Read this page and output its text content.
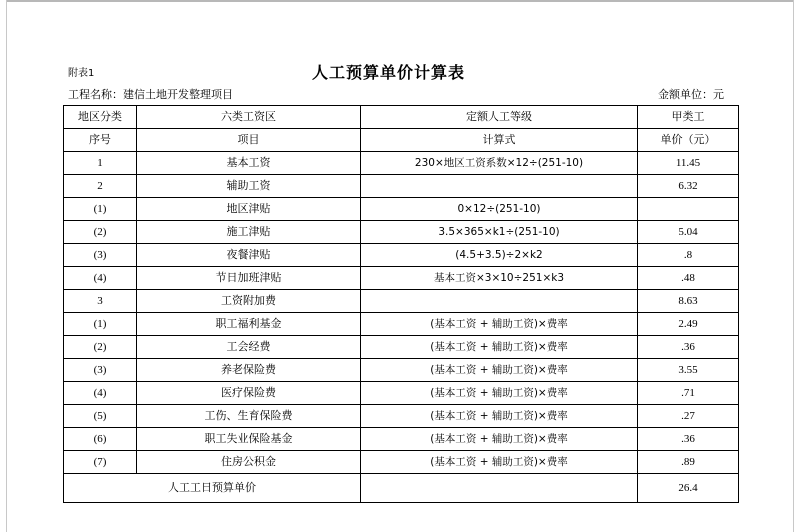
附表1	人工预算单价计算表
工程名称：建信土地开发整理项目	金额单位：元
地区分类	六类工资区	定额人工等级	甲类工
序号	项目	计算式	单价（元）
1	基本工资	230×地区工资系数×12÷(251-10)	11.45
2	辅助工资		6.32
(1)	地区津贴	0×12÷(251-10)	
(2)	施工津贴	3.5×365×k1÷(251-10)	5.04
(3)	夜餐津贴	(4.5+3.5)÷2×k2	.8
(4)	节日加班津贴	基本工资×3×10÷251×k3	.48
3	工资附加费		8.63
(1)	职工福利基金	(基本工资 + 辅助工资)×费率	2.49
(2)	工会经费	(基本工资 + 辅助工资)×费率	.36
(3)	养老保险费	(基本工资 + 辅助工资)×费率	3.55
(4)	医疗保险费	(基本工资 + 辅助工资)×费率	.71
(5)	工伤、生育保险费	(基本工资 + 辅助工资)×费率	.27
(6)	职工失业保险基金	(基本工资 + 辅助工资)×费率	.36
(7)	住房公积金	(基本工资 + 辅助工资)×费率	.89
人工工日预算单价			26.4
